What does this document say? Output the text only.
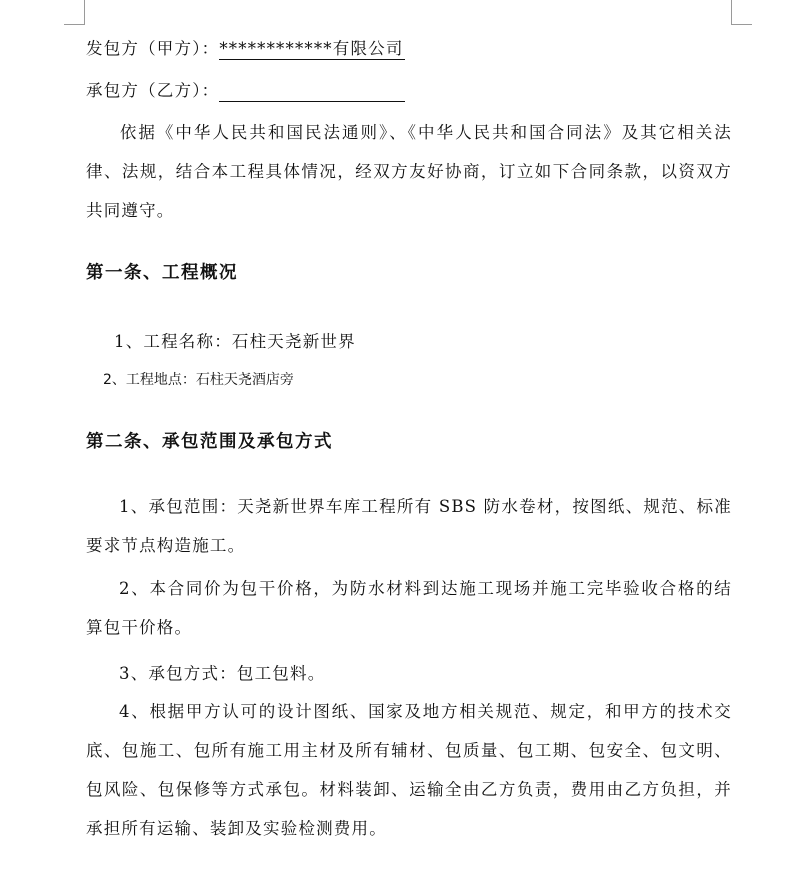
发包方（甲方）：************有限公司
承包方（乙方）：
依据《中华人民共和国民法通则》、《中华人民共和国合同法》及其它相关法律、法规，结合本工程具体情况，经双方友好协商，订立如下合同条款，以资双方共同遵守。
第一条、工程概况
1、工程名称：石柱天尧新世界
2、工程地点：石柱天尧酒店旁
第二条、承包范围及承包方式
1、承包范围：天尧新世界车库工程所有 SBS 防水卷材，按图纸、规范、标准要求节点构造施工。
2、本合同价为包干价格，为防水材料到达施工现场并施工完毕验收合格的结算包干价格。
3、承包方式：包工包料。
4、根据甲方认可的设计图纸、国家及地方相关规范、规定，和甲方的技术交底、包施工、包所有施工用主材及所有辅材、包质量、包工期、包安全、包文明、包风险、包保修等方式承包。材料装卸、运输全由乙方负责，费用由乙方负担，并承担所有运输、装卸及实验检测费用。
